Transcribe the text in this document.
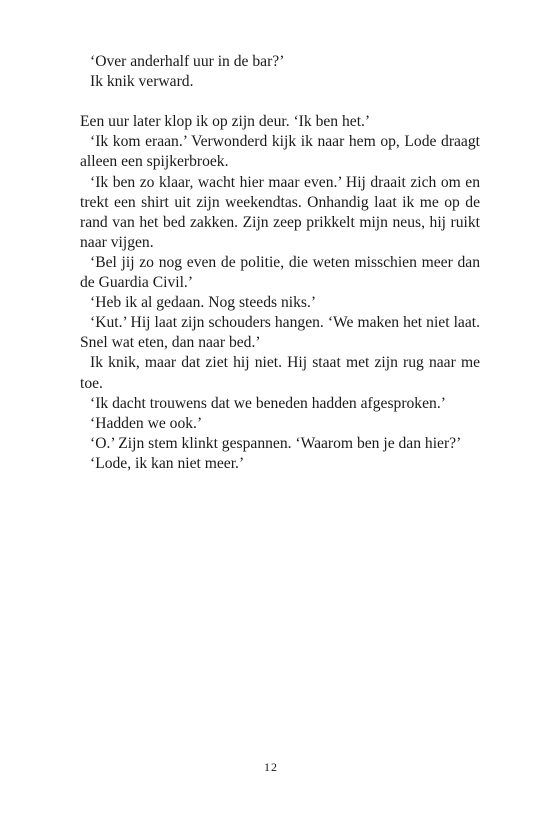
‘Over anderhalf uur in de bar?’

Ik knik verward.

Een uur later klop ik op zijn deur. ‘Ik ben het.’

‘Ik kom eraan.’ Verwonderd kijk ik naar hem op, Lode draagt alleen een spijkerbroek.

‘Ik ben zo klaar, wacht hier maar even.’ Hij draait zich om en trekt een shirt uit zijn weekendtas. Onhandig laat ik me op de rand van het bed zakken. Zijn zeep prikkelt mijn neus, hij ruikt naar vijgen.

‘Bel jij zo nog even de politie, die weten misschien meer dan de Guardia Civil.’

‘Heb ik al gedaan. Nog steeds niks.’

‘Kut.’ Hij laat zijn schouders hangen. ‘We maken het niet laat. Snel wat eten, dan naar bed.’

Ik knik, maar dat ziet hij niet. Hij staat met zijn rug naar me toe.

‘Ik dacht trouwens dat we beneden hadden afgesproken.’

‘Hadden we ook.’

‘O.’ Zijn stem klinkt gespannen. ‘Waarom ben je dan hier?’

‘Lode, ik kan niet meer.’

12
